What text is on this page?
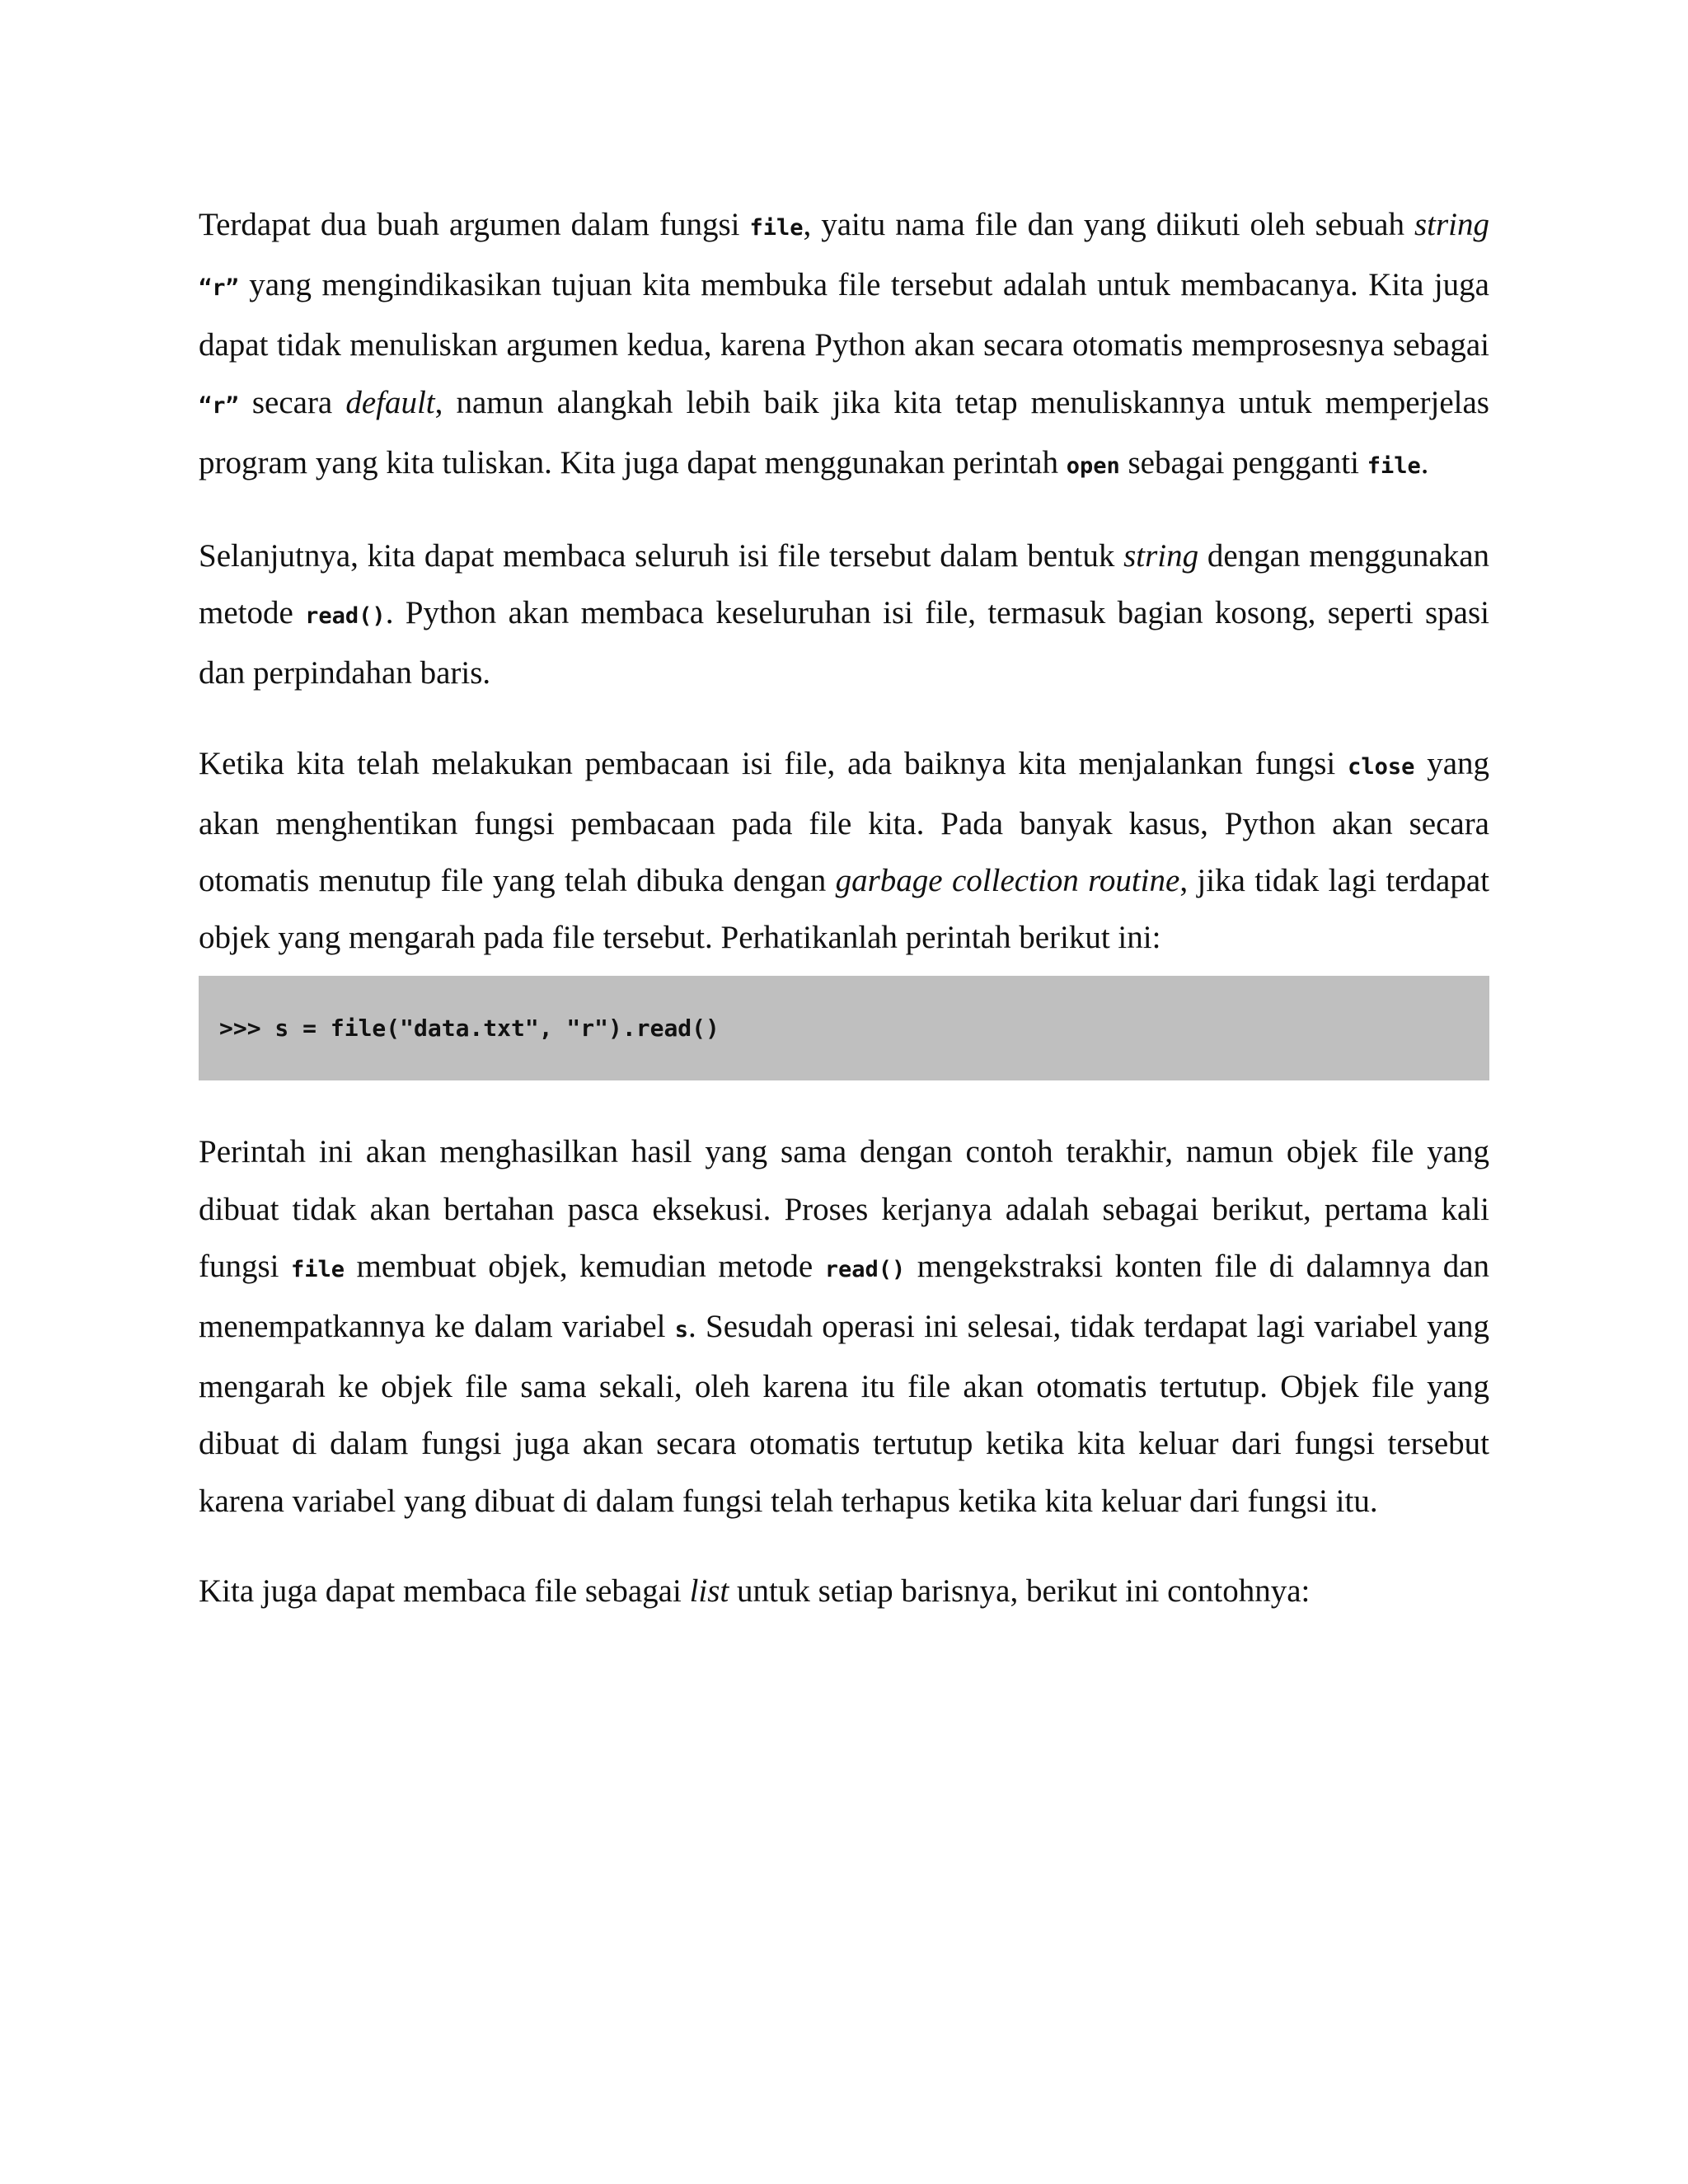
Terdapat dua buah argumen dalam fungsi file, yaitu nama file dan yang diikuti oleh sebuah string “r” yang mengindikasikan tujuan kita membuka file tersebut adalah untuk membacanya. Kita juga dapat tidak menuliskan argumen kedua, karena Python akan secara otomatis memprosesnya sebagai “r” secara default, namun alangkah lebih baik jika kita tetap menuliskannya untuk memperjelas program yang kita tuliskan. Kita juga dapat menggunakan perintah open sebagai pengganti file.

Selanjutnya, kita dapat membaca seluruh isi file tersebut dalam bentuk string dengan menggunakan metode read(). Python akan membaca keseluruhan isi file, termasuk bagian kosong, seperti spasi dan perpindahan baris.

Ketika kita telah melakukan pembacaan isi file, ada baiknya kita menjalankan fungsi close yang akan menghentikan fungsi pembacaan pada file kita. Pada banyak kasus, Python akan secara otomatis menutup file yang telah dibuka dengan garbage collection routine, jika tidak lagi terdapat objek yang mengarah pada file tersebut. Perhatikanlah perintah berikut ini:

>>> s = file("data.txt", "r").read()

Perintah ini akan menghasilkan hasil yang sama dengan contoh terakhir, namun objek file yang dibuat tidak akan bertahan pasca eksekusi. Proses kerjanya adalah sebagai berikut, pertama kali fungsi file membuat objek, kemudian metode read() mengekstraksi konten file di dalamnya dan menempatkannya ke dalam variabel s. Sesudah operasi ini selesai, tidak terdapat lagi variabel yang mengarah ke objek file sama sekali, oleh karena itu file akan otomatis tertutup. Objek file yang dibuat di dalam fungsi juga akan secara otomatis tertutup ketika kita keluar dari fungsi tersebut karena variabel yang dibuat di dalam fungsi telah terhapus ketika kita keluar dari fungsi itu.

Kita juga dapat membaca file sebagai list untuk setiap barisnya, berikut ini contohnya:
